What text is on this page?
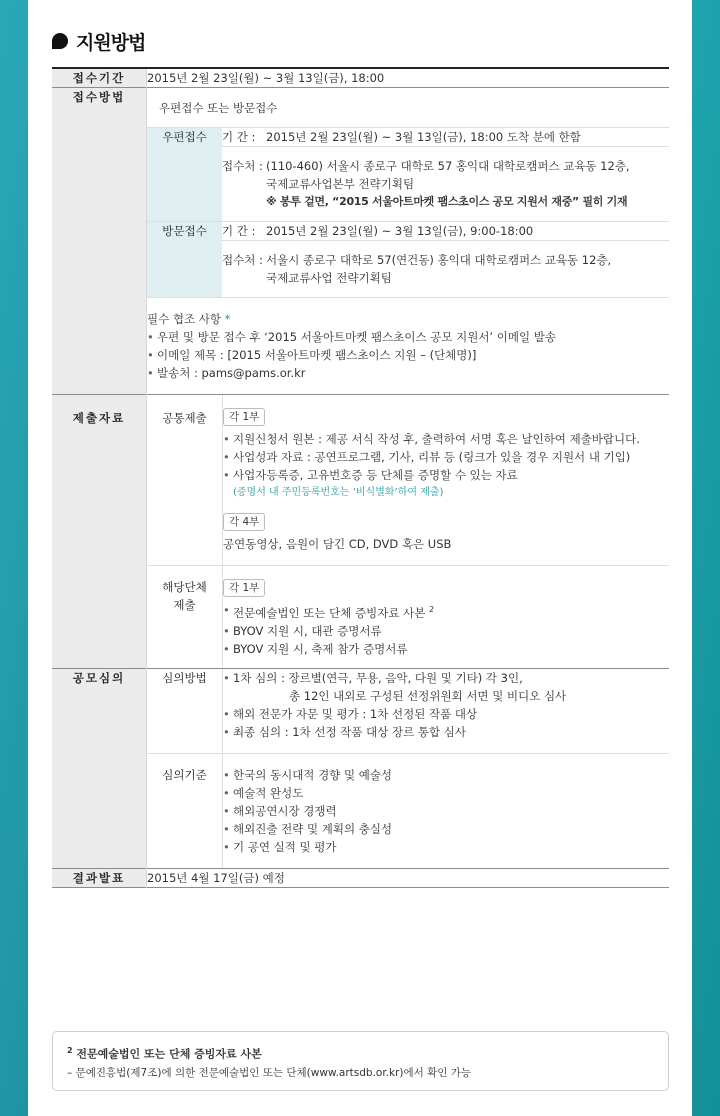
지원방법
접수기간	2015년 2월 23일(월) ~ 3월 13일(금), 18:00
접수방법	
우편접수 또는 방문접수
우편접수	기 간 : 2015년 2월 23일(월) ~ 3월 13일(금), 18:00 도착 분에 한함

접수처 : (110-460) 서울시 종로구 대학로 57 홍익대 대학로캠퍼스 교육동 12층,
국제교류사업본부 전략기획팀
※ 봉투 겉면, “2015 서울아트마켓 팸스초이스 공모 지원서 재중” 필히 기재

방문접수	기 간 : 2015년 2월 23일(월) ~ 3월 13일(금), 9:00-18:00

접수처 : 서울시 종로구 대학로 57(연건동) 홍익대 대학로캠퍼스 교육동 12층,
국제교류사업 전략기획팀

필수 협조 사항 *
• 우편 및 방문 접수 후 ‘2015 서울아트마켓 팸스초이스 공모 지원서’ 이메일 발송
• 이메일 제목 : [2015 서울아트마켓 팸스초이스 지원 – (단체명)]
• 발송처 : pams@pams.or.kr

제출자료		공통제출	각 1부
• 지원신청서 원본 : 제공 서식 작성 후, 출력하여 서명 혹은 날인하여 제출바랍니다.
• 사업성과 자료 : 공연프로그램, 기사, 리뷰 등 (링크가 있을 경우 지원서 내 기입)
• 사업자등록증, 고유번호증 등 단체를 증명할 수 있는 자료
(증명서 내 주민등록번호는 ‘비식별화’하여 제출)
각 4부
공연동영상, 음원이 담긴 CD, DVD 혹은 USB

해당단체
제출
	각 1부
• 전문예술법인 또는 단체 증빙자료 사본 $^2$
• BYOV 지원 시, 대관 증명서류
• BYOV 지원 시, 축제 참가 증명서류

공모심의		심의방법	
•1차 심의 : 장르별(연극, 무용, 음악, 다원 및 기타) 각 3인,
총 12인 내외로 구성된 선정위원회 서면 및 비디오 심사
• 해외 전문가 자문 및 평가 : 1차 선정된 작품 대상
• 최종 심의 : 1차 선정 작품 대상 장르 통합 심사

심의기준	
•한국의 동시대적 경향 및 예술성
• 예술적 완성도
• 해외공연시장 경쟁력
• 해외진출 전략 및 계획의 충실성
• 기 공연 실적 및 평가

결과발표	2015년 4월 17일(금) 예정
$^2$ 전문예술법인 또는 단체 증빙자료 사본
– 문예진흥법(제7조)에 의한 전문예술법인 또는 단체(www.artsdb.or.kr)에서 확인 가능
